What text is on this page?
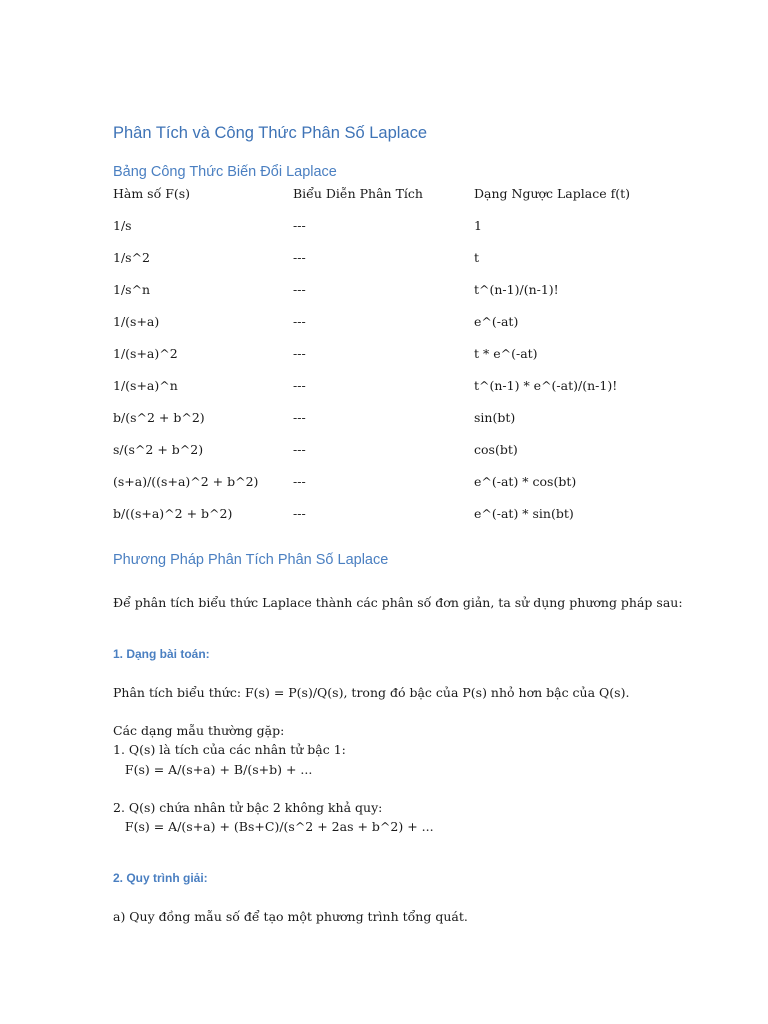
Phân Tích và Công Thức Phân Số Laplace
Bảng Công Thức Biến Đổi Laplace
Hàm số F(s)	Biểu Diễn Phân Tích	Dạng Ngược Laplace f(t)
1/s	---	1
1/s^2	---	t
1/s^n	---	t^(n-1)/(n-1)!
1/(s+a)	---	e^(-at)
1/(s+a)^2	---	t * e^(-at)
1/(s+a)^n	---	t^(n-1) * e^(-at)/(n-1)!
b/(s^2 + b^2)	---	sin(bt)
s/(s^2 + b^2)	---	cos(bt)
(s+a)/((s+a)^2 + b^2)	---	e^(-at) * cos(bt)
b/((s+a)^2 + b^2)	---	e^(-at) * sin(bt)
Phương Pháp Phân Tích Phân Số Laplace
Để phân tích biểu thức Laplace thành các phân số đơn giản, ta sử dụng phương pháp sau:
1. Dạng bài toán:
Phân tích biểu thức: F(s) = P(s)/Q(s), trong đó bậc của P(s) nhỏ hơn bậc của Q(s).
Các dạng mẫu thường gặp:
1. Q(s) là tích của các nhân tử bậc 1:
F(s) = A/(s+a) + B/(s+b) + ...
2. Q(s) chứa nhân tử bậc 2 không khả quy:
F(s) = A/(s+a) + (Bs+C)/(s^2 + 2as + b^2) + ...
2. Quy trình giải:
a) Quy đồng mẫu số để tạo một phương trình tổng quát.
